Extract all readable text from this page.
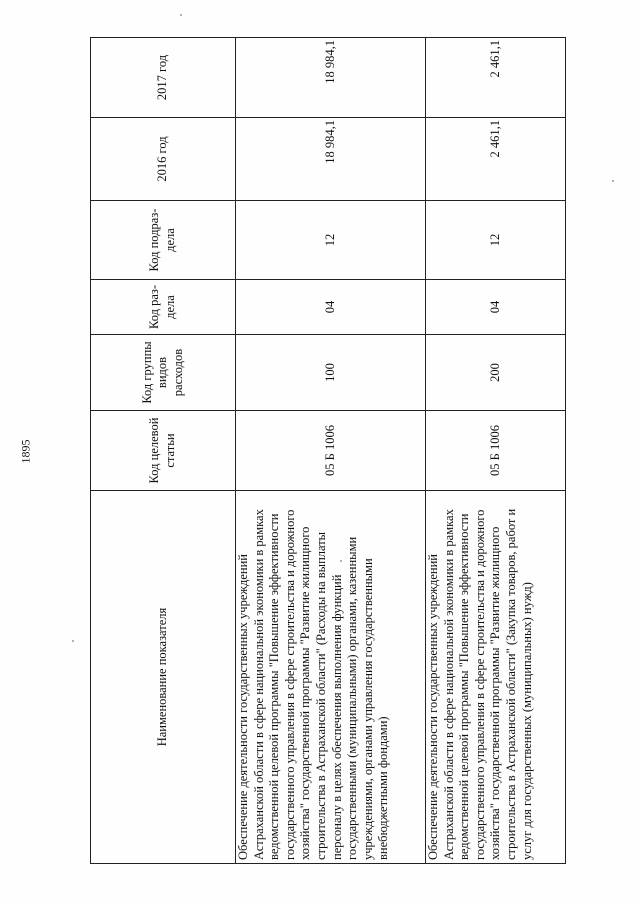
1895
Наименование показателя	Код целевой статьи	Код группы видов расходов	Код раз-дела	Код подраз-дела	2016 год	2017 год
Обеспечение деятельности государственных учреждений Астраханской области в сфере национальной экономики в рамках ведомственной целевой программы "Повышение эффективности государственного управления в сфере строительства и дорожного хозяйства" государственной программы "Развитие жилищного строительства в Астраханской области" (Расходы на выплаты персоналу в целях обеспечения выполнения функций государственными (муниципальными) органами, казенными учреждениями, органами управления государственными внебюджетными фондами)	05 Б 1006	100	04	12	18 984,1	18 984,1
Обеспечение деятельности государственных учреждений Астраханской области в сфере национальной экономики в рамках ведомственной целевой программы "Повышение эффективности государственного управления в сфере строительства и дорожного хозяйства" государственной программы "Развитие жилищного строительства в Астраханской области" (Закупка товаров, работ и услуг для государственных (муниципальных) нужд)	05 Б 1006	200	04	12	2 461,1	2 461,1
